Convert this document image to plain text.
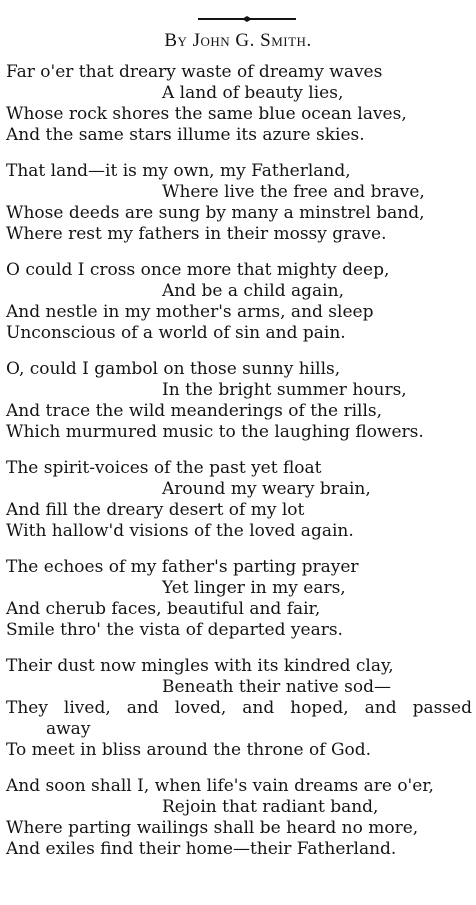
By John G. Smith.
Far o'er that dreary waste of dreamy waves
A land of beauty lies,
Whose rock shores the same blue ocean laves,
And the same stars illume its azure skies.
That land—it is my own, my Fatherland,
Where live the free and brave,
Whose deeds are sung by many a minstrel band,
Where rest my fathers in their mossy grave.
O could I cross once more that mighty deep,
And be a child again,
And nestle in my mother's arms, and sleep
Unconscious of a world of sin and pain.
O, could I gambol on those sunny hills,
In the bright summer hours,
And trace the wild meanderings of the rills,
Which murmured music to the laughing flowers.
The spirit-voices of the past yet float
Around my weary brain,
And fill the dreary desert of my lot
With hallow'd visions of the loved again.
The echoes of my father's parting prayer
Yet linger in my ears,
And cherub faces, beautiful and fair,
Smile thro' the vista of departed years.
Their dust now mingles with its kindred clay,
Beneath their native sod—
They lived, and loved, and hoped, and passed
away
To meet in bliss around the throne of God.
And soon shall I, when life's vain dreams are o'er,
Rejoin that radiant band,
Where parting wailings shall be heard no more,
And exiles find their home—their Fatherland.
